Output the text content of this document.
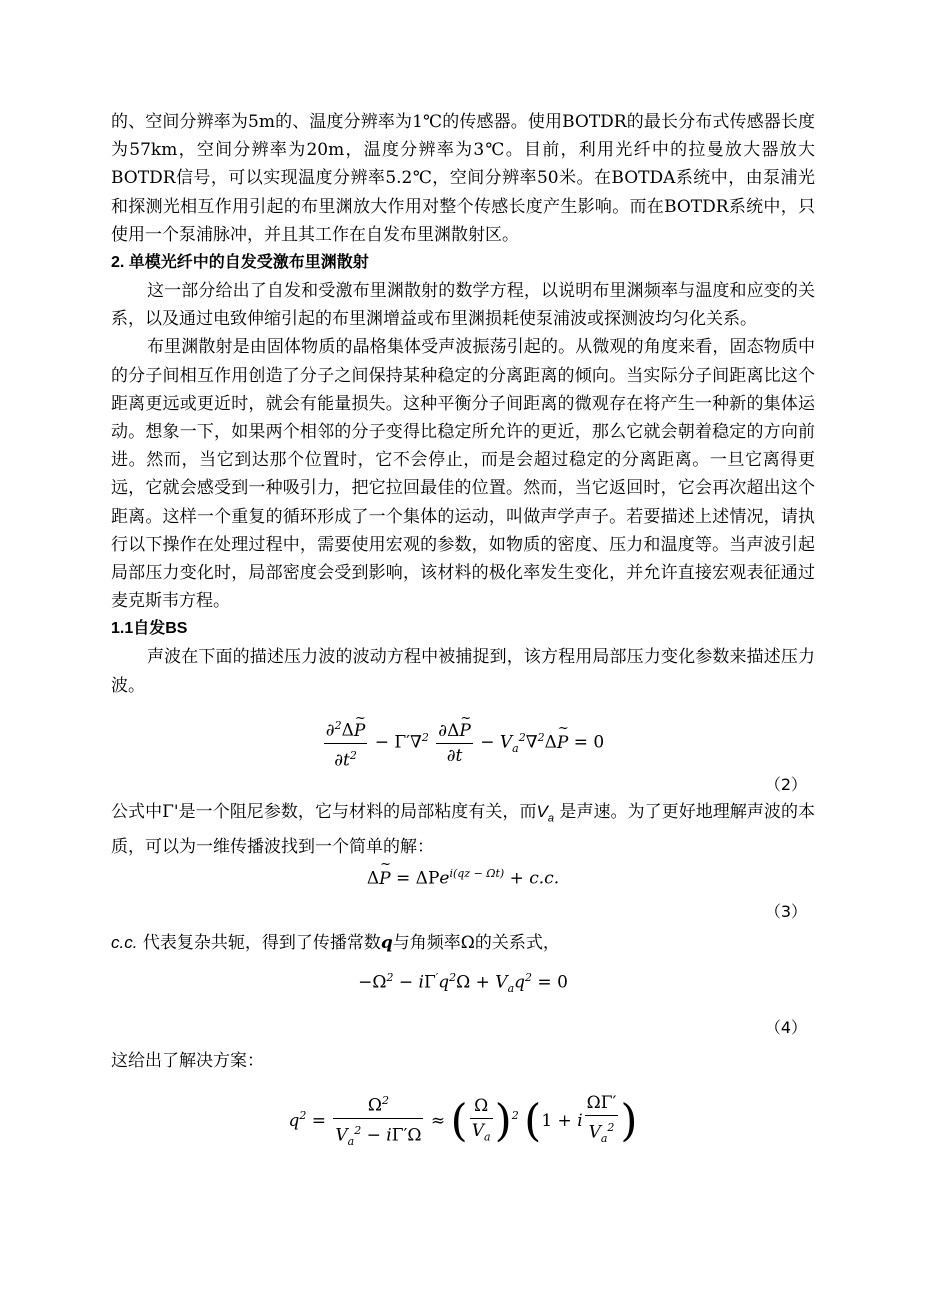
的、空间分辨率为5m的、温度分辨率为1℃的传感器。使用BOTDR的最长分布式传感器长度为57km，空间分辨率为20m，温度分辨率为3℃。目前，利用光纤中的拉曼放大器放大BOTDR信号，可以实现温度分辨率5.2℃，空间分辨率50米。在BOTDA系统中，由泵浦光和探测光相互作用引起的布里渊放大作用对整个传感长度产生影响。而在BOTDR系统中，只使用一个泵浦脉冲，并且其工作在自发布里渊散射区。

2. 单模光纤中的自发受激布里渊散射

这一部分给出了自发和受激布里渊散射的数学方程，以说明布里渊频率与温度和应变的关系，以及通过电致伸缩引起的布里渊增益或布里渊损耗使泵浦波或探测波均匀化关系。

布里渊散射是由固体物质的晶格集体受声波振荡引起的。从微观的角度来看，固态物质中的分子间相互作用创造了分子之间保持某种稳定的分离距离的倾向。当实际分子间距离比这个距离更远或更近时，就会有能量损失。这种平衡分子间距离的微观存在将产生一种新的集体运动。想象一下，如果两个相邻的分子变得比稳定所允许的更近，那么它就会朝着稳定的方向前进。然而，当它到达那个位置时，它不会停止，而是会超过稳定的分离距离。一旦它离得更远，它就会感受到一种吸引力，把它拉回最佳的位置。然而，当它返回时，它会再次超出这个距离。这样一个重复的循环形成了一个集体的运动，叫做声学声子。若要描述上述情况，请执行以下操作在处理过程中，需要使用宏观的参数，如物质的密度、压力和温度等。当声波引起局部压力变化时，局部密度会受到影响，该材料的极化率发生变化，并允许直接宏观表征通过麦克斯韦方程。

1.1自发BS

声波在下面的描述压力波的波动方程中被捕捉到，该方程用局部压力变化参数来描述压力波。

$\frac{\partial^2\Delta P \sim}{\partial t^2} - \Gamma'\nabla^2 \frac{\partial\Delta P \sim}{\partial t} - V_a^2\nabla^2\Delta P$ ~ = 0

（2）

公式中Γ'是一个阻尼参数，它与材料的局部粘度有关，而$V_a$ 是声速。为了更好地理解声波的本质，可以为一维传播波找到一个简单的解：

ΔP ~ = ΔPe$^{i(qz - \Omega t)}$ + c.c.

（3）

c.c. 代表复杂共轭，得到了传播常数q与角频率Ω的关系式，

$-\Omega^2 - i\Gamma'q^2\Omega + V_aq^2 = 0$

（4）

这给出了解决方案：

$q^2 = \frac{\Omega^2}{V_a^2 - i\Gamma'\Omega}$ ≈ ( $\frac{\Omega}{V_a} )^2$ (1 + i $\frac{\Omega\Gamma'}{V_a^2}$ )
